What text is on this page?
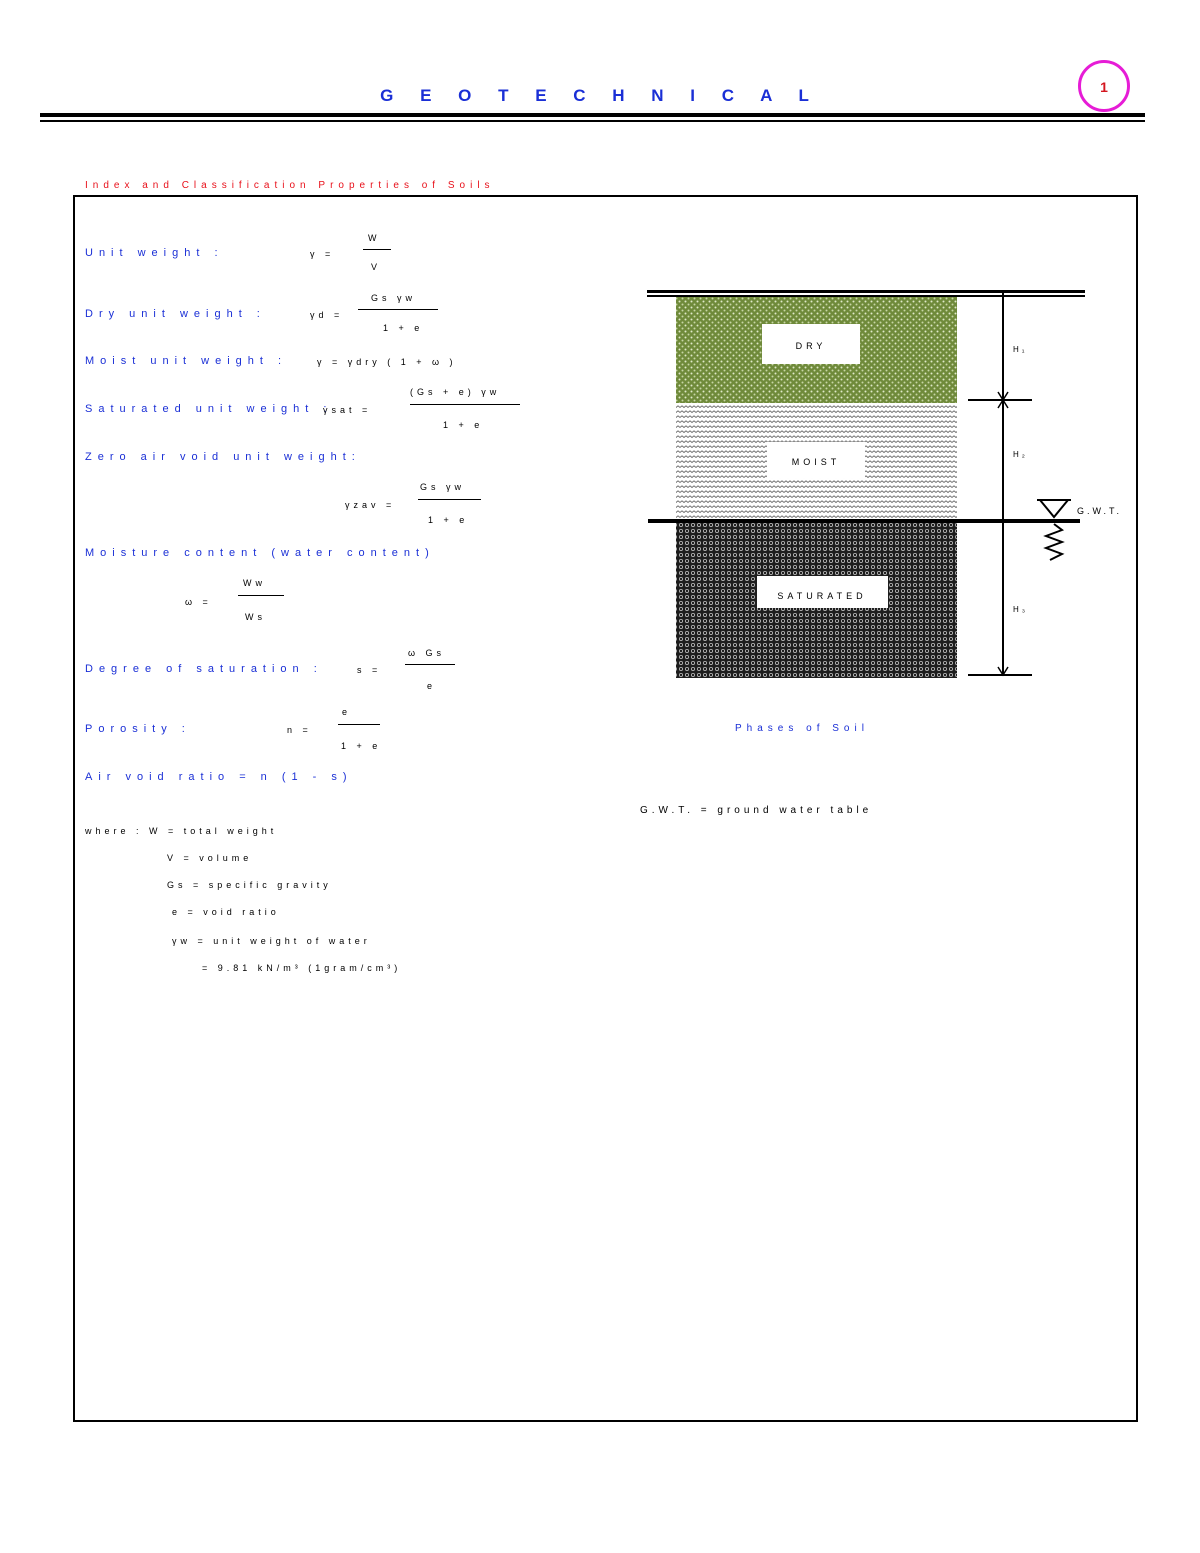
G E O T E C H N I C A L	1
Index and Classification Properties of Soils
Unit weight :	γ =
W
V
Dry unit weight :	γd =
Gs γw
1 + e
Moist unit weight :	γ = γdry ( 1 + ω )
Saturated unit weight :
γsat =
(Gs + e) γw
1 + e
Zero air void unit weight:
γzav =
Gs γw
1 + e
Moisture content (water content)
ω =
Ww
Ws
Degree of saturation :	s =
ω Gs
e
Porosity :	n =
e
1 + e
Air void ratio = n (1 - s)
where : W = total weight
V = volume
Gs = specific gravity
e = void ratio
γw = unit weight of water
= 9.81 kN/m³ (1gram/cm³)
DRY
MOIST
SATURATED
H₁
H₂
H₃
G.W.T.
Phases of Soil
G.W.T. = ground water table
